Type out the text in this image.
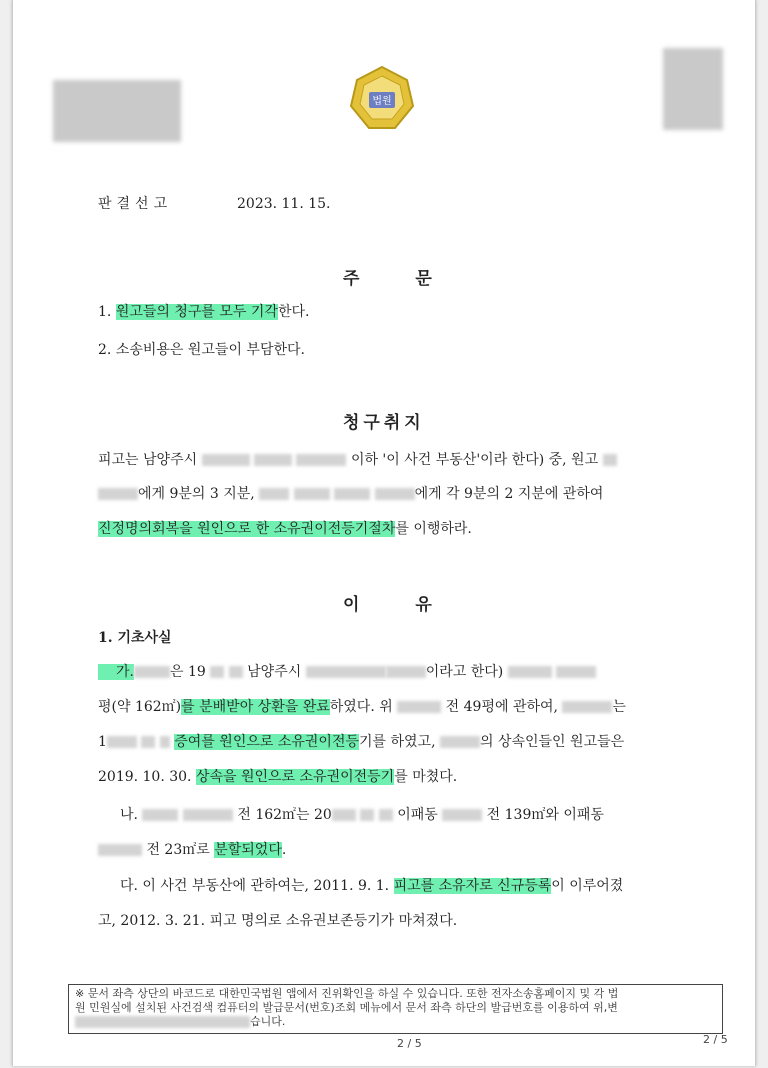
법원
판결선고	2023. 11. 15.
주 문
1. 원고들의 청구를 모두 기각한다.
2. 소송비용은 원고들이 부담한다.
청구취지
피고는 남양주시	이하 '이 사건 부동산'이라 한다) 중, 원고
에게 9분의 3 지분,	에게 각 9분의 2 지분에 관하여
진정명의회복을 원인으로 한 소유권이전등기절차를 이행하라.
이 유
1. 기초사실
가.	은 19	남양주시	이라고 한다)
평(약 162㎡)를 분배받아 상환을 완료하였다. 위	전 49평에 관하여,	는
1	증여를 원인으로 소유권이전등기를 하였고,	의 상속인들인 원고들은
2019. 10. 30. 상속을 원인으로 소유권이전등기를 마쳤다.
나.	전 162㎡는 20	이패동	전 139㎡와 이패동
전 23㎡로 분할되었다.
다. 이 사건 부동산에 관하여는, 2011. 9. 1. 피고를 소유자로 신규등록이 이루어졌
고, 2012. 3. 21. 피고 명의로 소유권보존등기가 마쳐졌다.
※ 문서 좌측 상단의 바코드로 대한민국법원 앱에서 진위확인을 하실 수 있습니다. 또한 전자소송홈페이지 및 각 법
원 민원실에 설치된 사건검색 컴퓨터의 발급문서(번호)조회 메뉴에서 문서 좌측 하단의 발급번호를 이용하여 위,변
습니다.
2 / 5	2 / 5
